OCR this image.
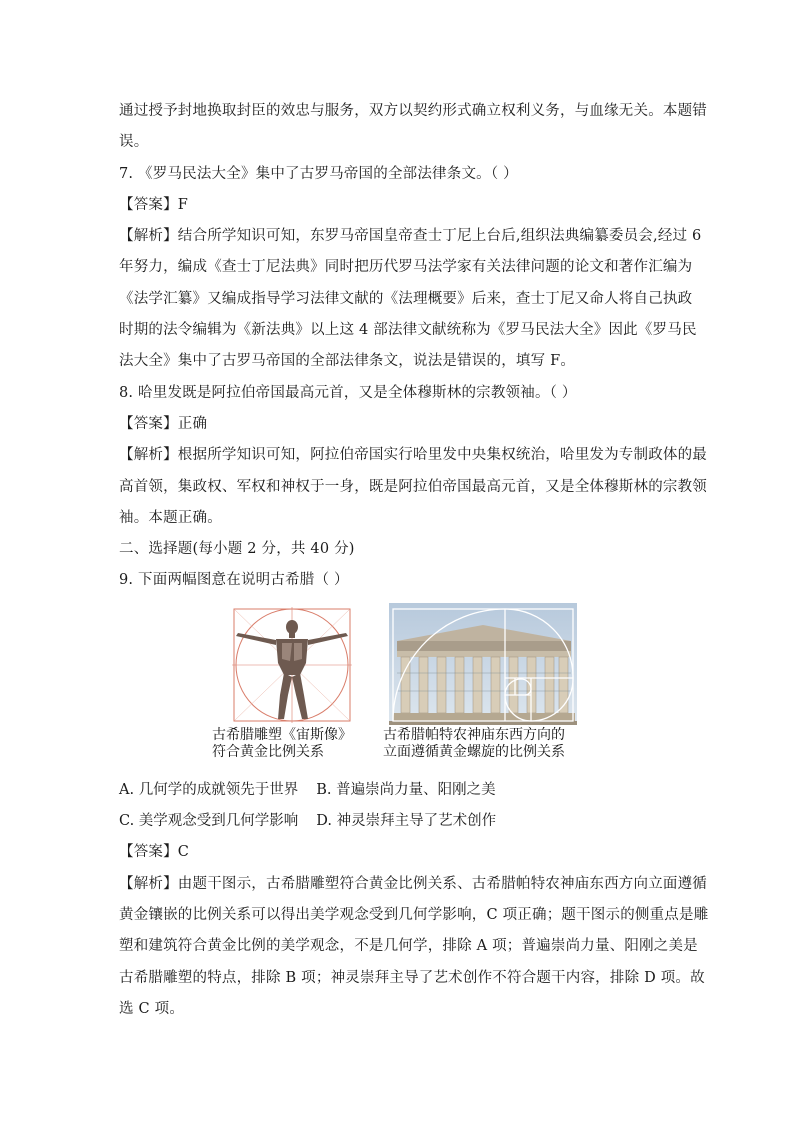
通过授予封地换取封臣的效忠与服务，双方以契约形式确立权利义务，与血缘无关。本题错
误。
7. 《罗马民法大全》集中了古罗马帝国的全部法律条文。（ ）
【答案】F
【解析】结合所学知识可知，东罗马帝国皇帝查士丁尼上台后,组织法典编纂委员会,经过 6
年努力，编成《查士丁尼法典》同时把历代罗马法学家有关法律问题的论文和著作汇编为
《法学汇纂》又编成指导学习法律文献的《法理概要》后来，查士丁尼又命人将自己执政
时期的法令编辑为《新法典》以上这 4 部法律文献统称为《罗马民法大全》因此《罗马民
法大全》集中了古罗马帝国的全部法律条文，说法是错误的，填写 F。
8. 哈里发既是阿拉伯帝国最高元首，又是全体穆斯林的宗教领袖。（ ）
【答案】正确
【解析】根据所学知识可知，阿拉伯帝国实行哈里发中央集权统治，哈里发为专制政体的最
高首领，集政权、军权和神权于一身，既是阿拉伯帝国最高元首，又是全体穆斯林的宗教领
袖。本题正确。
二、选择题(每小题 2 分，共 40 分)
9. 下面两幅图意在说明古希腊（ ）
古希腊雕塑《宙斯像》
符合黄金比例关系
古希腊帕特农神庙东西方向的
立面遵循黄金螺旋的比例关系
A. 几何学的成就领先于世界 B. 普遍崇尚力量、阳刚之美
C. 美学观念受到几何学影响 D. 神灵崇拜主导了艺术创作
【答案】C
【解析】由题干图示，古希腊雕塑符合黄金比例关系、古希腊帕特农神庙东西方向立面遵循
黄金镶嵌的比例关系可以得出美学观念受到几何学影响，C 项正确；题干图示的侧重点是雕
塑和建筑符合黄金比例的美学观念，不是几何学，排除 A 项；普遍崇尚力量、阳刚之美是
古希腊雕塑的特点，排除 B 项；神灵崇拜主导了艺术创作不符合题干内容，排除 D 项。故
选 C 项。
